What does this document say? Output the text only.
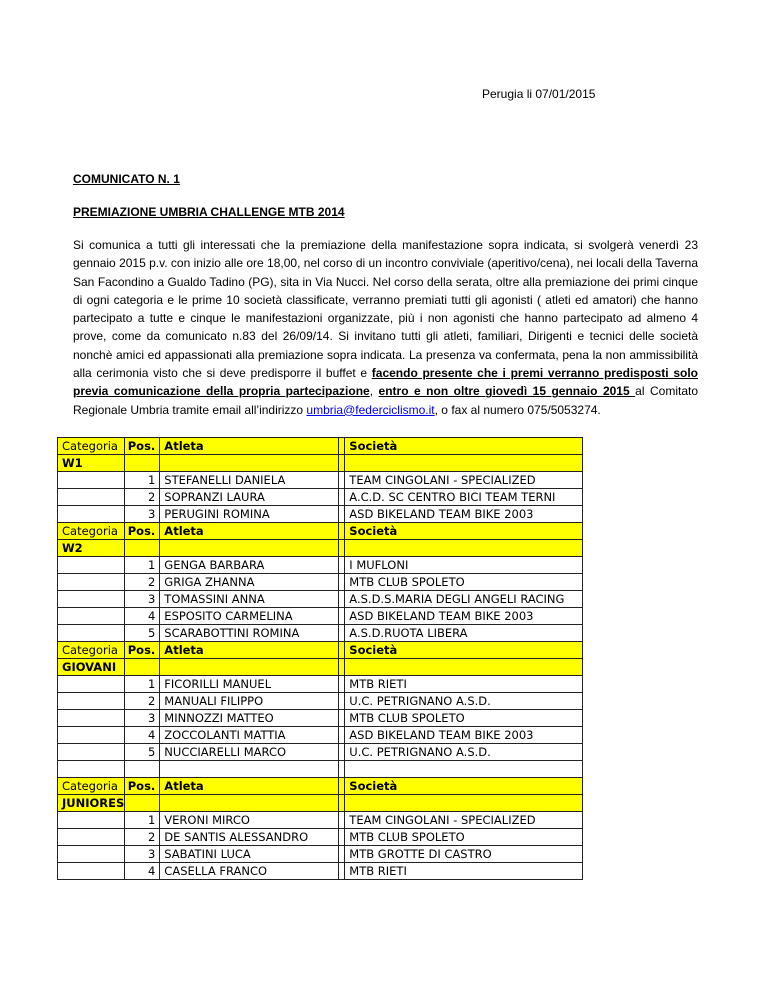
Perugia li 07/01/2015
COMUNICATO N. 1
PREMIAZIONE UMBRIA CHALLENGE MTB 2014
Si comunica a tutti gli interessati che la premiazione della manifestazione sopra indicata, si svolgerà venerdì 23 gennaio 2015 p.v. con inizio alle ore 18,00, nel corso di un incontro conviviale (aperitivo/cena), nei locali della Taverna San Facondino a Gualdo Tadino (PG), sita in Via Nucci. Nel corso della serata, oltre alla premiazione dei primi cinque di ogni categoria e le prime 10 società classificate, verranno premiati tutti gli agonisti ( atleti ed amatori) che hanno partecipato a tutte e cinque le manifestazioni organizzate, più i non agonisti che hanno partecipato ad almeno 4 prove, come da comunicato n.83 del 26/09/14. Si invitano tutti gli atleti, familiari, Dirigenti e tecnici delle società nonchè amici ed appassionati alla premiazione sopra indicata. La presenza va confermata, pena la non ammissibilità alla cerimonia visto che si deve predisporre il buffet e facendo presente che i premi verranno predisposti solo previa comunicazione della propria partecipazione, entro e non oltre giovedì 15 gennaio 2015 al Comitato Regionale Umbria tramite email all’indirizzo umbria@federciclismo.it, o fax al numero 075/5053274.
Categoria	Pos.	Atleta		Società
W1				
	1	STEFANELLI DANIELA		TEAM CINGOLANI - SPECIALIZED
	2	SOPRANZI LAURA		A.C.D. SC CENTRO BICI TEAM TERNI
	3	PERUGINI ROMINA		ASD BIKELAND TEAM BIKE 2003
Categoria	Pos.	Atleta		Società
W2				
	1	GENGA BARBARA		I MUFLONI
	2	GRIGA ZHANNA		MTB CLUB SPOLETO
	3	TOMASSINI ANNA		A.S.D.S.MARIA DEGLI ANGELI RACING
	4	ESPOSITO CARMELINA		ASD BIKELAND TEAM BIKE 2003
	5	SCARABOTTINI ROMINA		A.S.D.RUOTA LIBERA
Categoria	Pos.	Atleta		Società
GIOVANI				
	1	FICORILLI MANUEL		MTB RIETI
	2	MANUALI FILIPPO		U.C. PETRIGNANO A.S.D.
	3	MINNOZZI MATTEO		MTB CLUB SPOLETO
	4	ZOCCOLANTI MATTIA		ASD BIKELAND TEAM BIKE 2003
	5	NUCCIARELLI MARCO		U.C. PETRIGNANO A.S.D.

Categoria	Pos.	Atleta		Società
JUNIORES				
	1	VERONI MIRCO		TEAM CINGOLANI - SPECIALIZED
	2	DE SANTIS ALESSANDRO		MTB CLUB SPOLETO
	3	SABATINI LUCA		MTB GROTTE DI CASTRO
	4	CASELLA FRANCO		MTB RIETI
